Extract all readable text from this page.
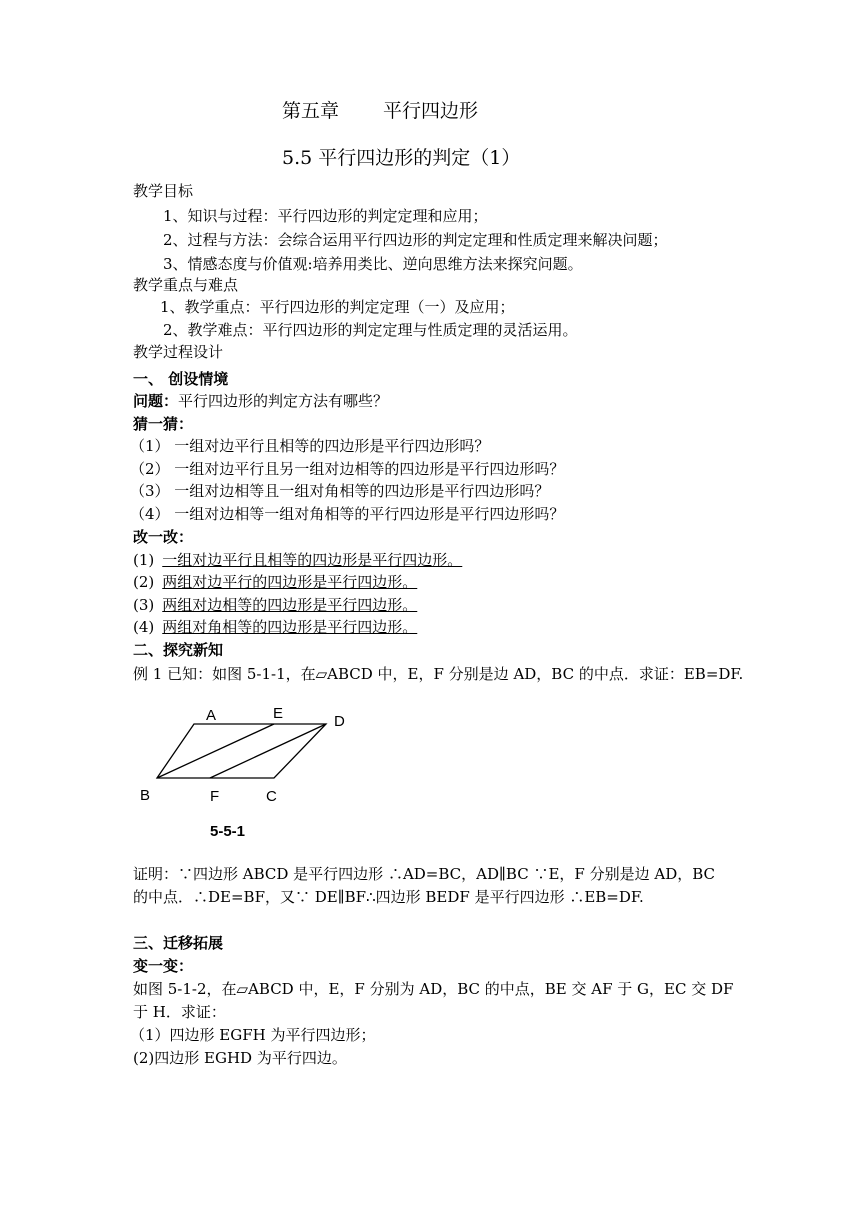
第五章 平行四边形
5.5 平行四边形的判定（1）
教学目标
1、知识与过程：平行四边形的判定定理和应用；
2、过程与方法：会综合运用平行四边形的判定定理和性质定理来解决问题；
3、情感态度与价值观:培养用类比、逆向思维方法来探究问题。
教学重点与难点
1、教学重点：平行四边形的判定定理（一）及应用；
2、教学难点：平行四边形的判定定理与性质定理的灵活运用。
教学过程设计
一、 创设情境
问题：平行四边形的判定方法有哪些？
猜一猜：
（1） 一组对边平行且相等的四边形是平行四边形吗？
（2） 一组对边平行且另一组对边相等的四边形是平行四边形吗？
（3） 一组对边相等且一组对角相等的四边形是平行四边形吗？
（4） 一组对边相等一组对角相等的平行四边形是平行四边形吗？
改一改：
(1) 一组对边平行且相等的四边形是平行四边形。
(2) 两组对边平行的四边形是平行四边形。
(3) 两组对边相等的四边形是平行四边形。
(4) 两组对角相等的四边形是平行四边形。
二、探究新知
例 1 已知：如图 5-1-1，在▱ABCD 中，E，F 分别是边 AD，BC 的中点．求证：EB=DF.
A	E	D
B	F	C
5-5-1
证明：∵四边形 ABCD 是平行四边形 ∴AD=BC，AD∥BC ∵E，F 分别是边 AD，BC
的中点．∴DE=BF，又∵ DE∥BF∴四边形 BEDF 是平行四边形 ∴EB=DF.
三、迁移拓展
变一变：
如图 5-1-2，在▱ABCD 中，E，F 分别为 AD，BC 的中点，BE 交 AF 于 G，EC 交 DF
于 H．求证：
（1）四边形 EGFH 为平行四边形；
(2)四边形 EGHD 为平行四边。
